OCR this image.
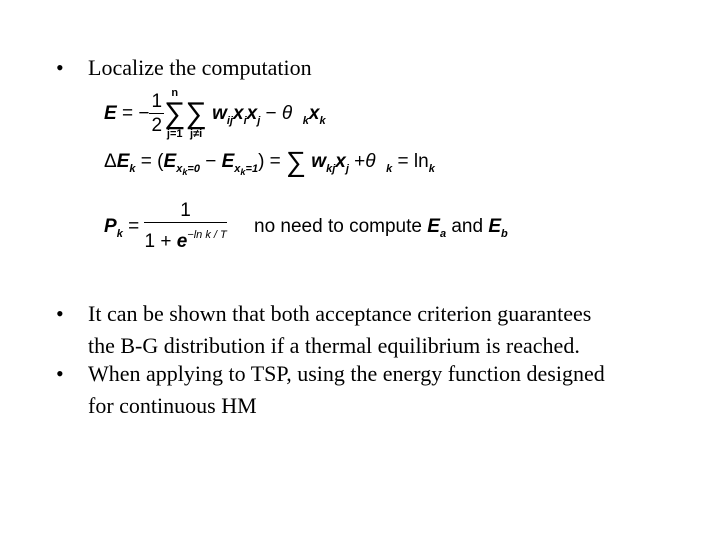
• Localize the computation
E = − $\frac{1}{2}$ n
∑
j=1

∑
j≠i
$w_{ij}x_ix_j - \theta$ $_kx_k$
$\Delta E_k = (E_{x_k=0} - E_{x_k=1})$ = ∑ $w_{kj}x_j +\theta$ $_k = \ln_k$
$P_k = \frac{1}{1 + e^{-ln k / T}}$ no need to compute $E_a$ and $E_b$
• It can be shown that both acceptance criterion guarantees
the B-G distribution if a thermal equilibrium is reached.
• When applying to TSP, using the energy function designed
for continuous HM
